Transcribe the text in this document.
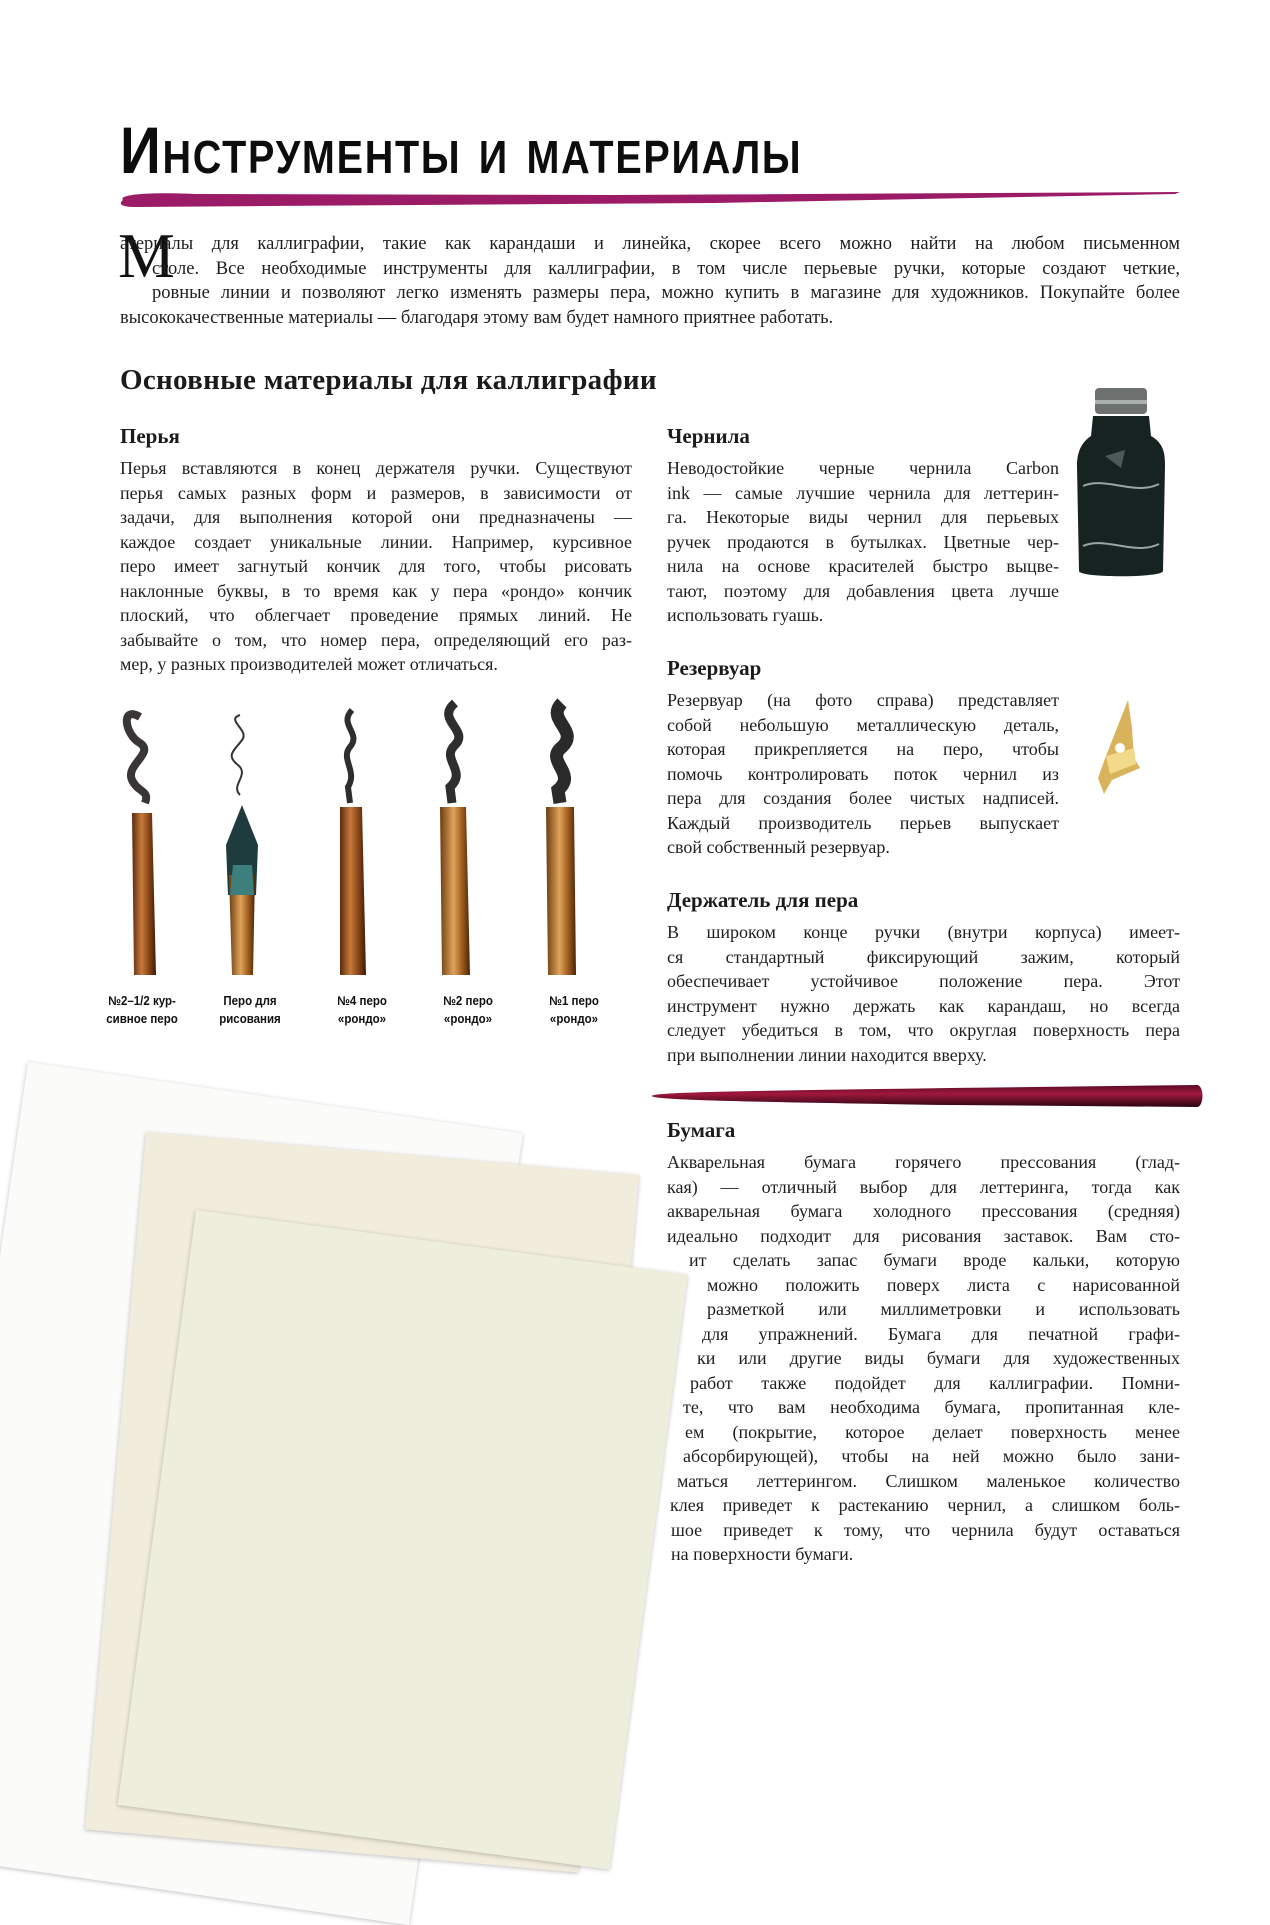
Инструменты и материалы
М
атериалы для каллиграфии, такие как карандаши и линейка, скорее всего можно найти на любом письменном
столе. Все необходимые инструменты для каллиграфии, в том числе перьевые ручки, которые создают четкие,
ровные линии и позволяют легко изменять размеры пера, можно купить в магазине для художников. Покупайте более
высококачественные материалы — благодаря этому вам будет намного приятнее работать.
Основные материалы для каллиграфии
Перья
Перья вставляются в конец держателя ручки. Существуют
перья самых разных форм и размеров, в зависимости от
задачи, для выполнения которой они предназначены —
каждое создает уникальные линии. Например, курсивное
перо имеет загнутый кончик для того, чтобы рисовать
наклонные буквы, в то время как у пера «рондо» кончик
плоский, что облегчает проведение прямых линий. Не
забывайте о том, что номер пера, определяющий его раз-
мер, у разных производителей может отличаться.
№2–1/2 кур-
сивное перо
Перо для
рисования
№4 перо
«рондо»
№2 перо
«рондо»
№1 перо
«рондо»
Чернила
Неводостойкие черные чернила Carbon
ink — самые лучшие чернила для леттерин-
га. Некоторые виды чернил для перьевых
ручек продаются в бутылках. Цветные чер-
нила на основе красителей быстро выцве-
тают, поэтому для добавления цвета лучше
использовать гуашь.
Резервуар
Резервуар (на фото справа) представляет
собой небольшую металлическую деталь,
которая прикрепляется на перо, чтобы
помочь контролировать поток чернил из
пера для создания более чистых надписей.
Каждый производитель перьев выпускает
свой собственный резервуар.
Держатель для пера
В широком конце ручки (внутри корпуса) имеет-
ся стандартный фиксирующий зажим, который
обеспечивает устойчивое положение пера. Этот
инструмент нужно держать как карандаш, но всегда
следует убедиться в том, что округлая поверхность пера
при выполнении линии находится вверху.
Бумага
Акварельная бумага горячего прессования (глад-
кая) — отличный выбор для леттеринга, тогда как
акварельная бумага холодного прессования (средняя)
идеально подходит для рисования заставок. Вам сто-
ит сделать запас бумаги вроде кальки, которую
можно положить поверх листа с нарисованной
разметкой или миллиметровки и использовать
для упражнений. Бумага для печатной графи-
ки или другие виды бумаги для художественных
работ также подойдет для каллиграфии. Помни-
те, что вам необходима бумага, пропитанная кле-
ем (покрытие, которое делает поверхность менее
абсорбирующей), чтобы на ней можно было зани-
маться леттерингом. Слишком маленькое количество
клея приведет к растеканию чернил, а слишком боль-
шое приведет к тому, что чернила будут оставаться
на поверхности бумаги.
